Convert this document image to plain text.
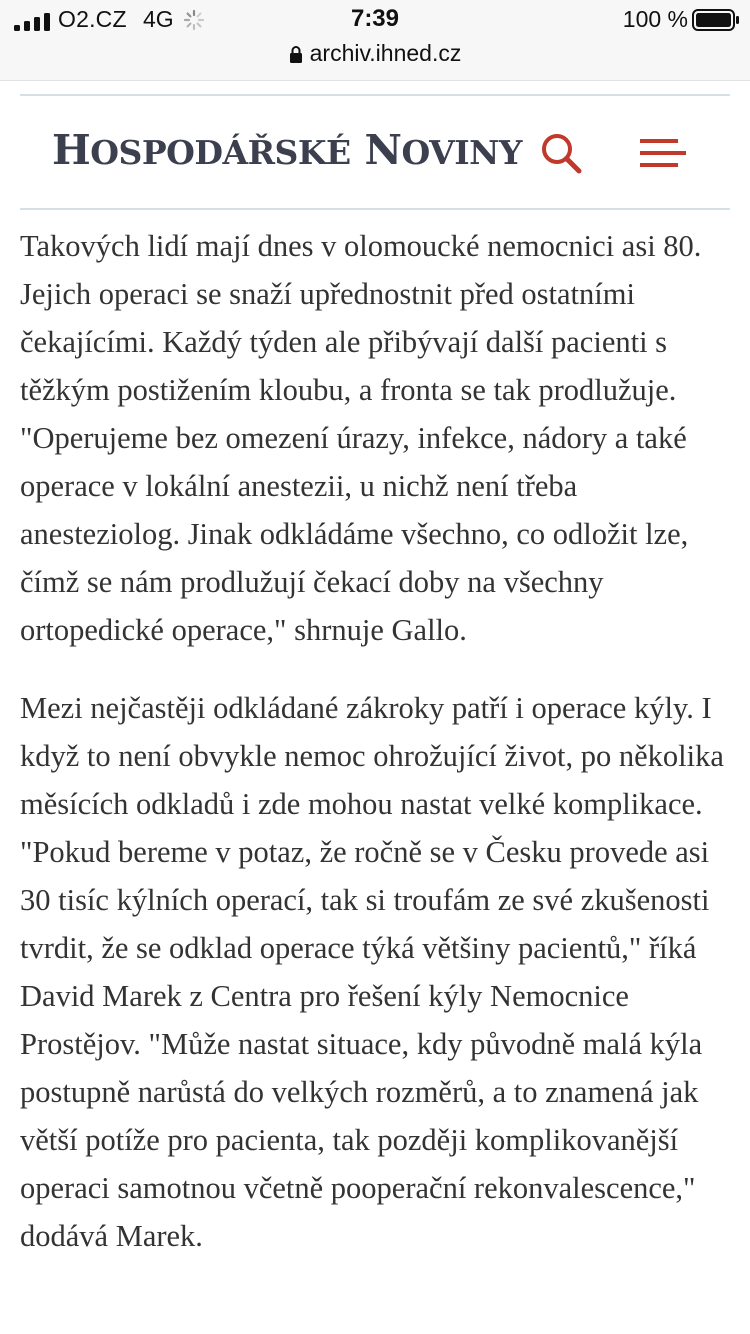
O2.CZ 4G	7:39	100 %
archiv.ihned.cz
HOSPODÁŘSKÉ NOVINY

Takových lidí mají dnes v olomoucké nemocnici asi 80. Jejich operaci se snaží upřednostnit před ostatními čekajícími. Každý týden ale přibývají další pacienti s těžkým postižením kloubu, a fronta se tak prodlužuje. "Operujeme bez omezení úrazy, infekce, nádory a také operace v lokální anestezii, u nichž není třeba anesteziolog. Jinak odkládáme všechno, co odložit lze, čímž se nám prodlužují čekací doby na všechny ortopedické operace," shrnuje Gallo.

Mezi nejčastěji odkládané zákroky patří i operace kýly. I když to není obvykle nemoc ohrožující život, po několika měsících odkladů i zde mohou nastat velké komplikace. "Pokud bereme v potaz, že ročně se v Česku provede asi 30 tisíc kýlních operací, tak si troufám ze své zkušenosti tvrdit, že se odklad operace týká většiny pacientů," říká David Marek z Centra pro řešení kýly Nemocnice Prostějov. "Může nastat situace, kdy původně malá kýla postupně narůstá do velkých rozměrů, a to znamená jak větší potíže pro pacienta, tak později komplikovanější operaci samotnou včetně pooperační rekonvalescence," dodává Marek.
